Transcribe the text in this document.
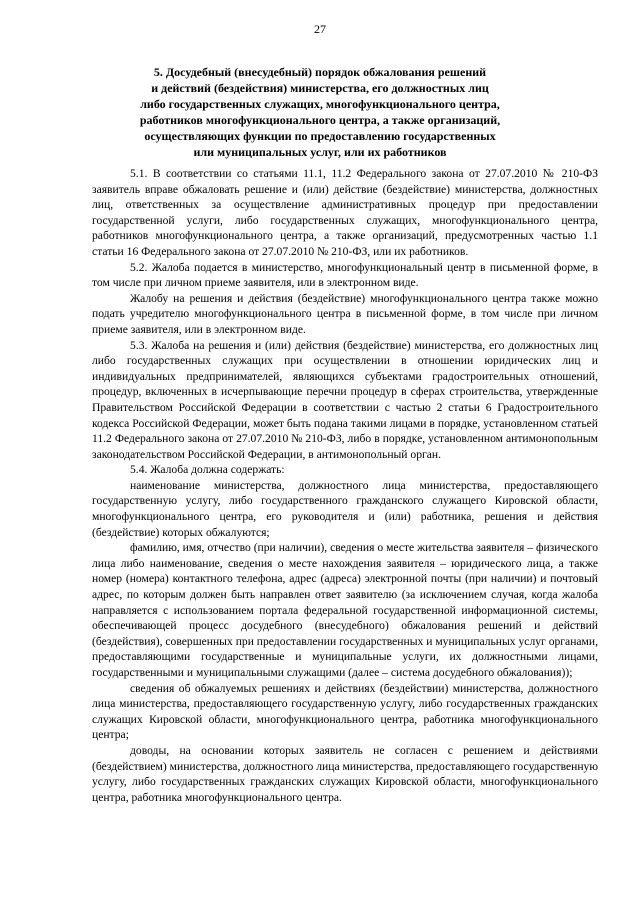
27
5. Досудебный (внесудебный) порядок обжалования решений
и действий (бездействия) министерства, его должностных лиц
либо государственных служащих, многофункционального центра,
работников многофункционального центра, а также организаций,
осуществляющих функции по предоставлению государственных
или муниципальных услуг, или их работников

5.1. В соответствии со статьями 11.1, 11.2 Федерального закона от 27.07.2010 № 210-ФЗ заявитель вправе обжаловать решение и (или) действие (бездействие) министерства, должностных лиц, ответственных за осуществление административных процедур при предоставлении государственной услуги, либо государственных служащих, многофункционального центра, работников многофункционального центра, а также организаций, предусмотренных частью 1.1 статьи 16 Федерального закона от 27.07.2010 № 210-ФЗ, или их работников.

5.2. Жалоба подается в министерство, многофункциональный центр в письменной форме, в том числе при личном приеме заявителя, или в электронном виде.

Жалобу на решения и действия (бездействие) многофункционального центра также можно подать учредителю многофункционального центра в письменной форме, в том числе при личном приеме заявителя, или в электронном виде.

5.3. Жалоба на решения и (или) действия (бездействие) министерства, его должностных лиц либо государственных служащих при осуществлении в отношении юридических лиц и индивидуальных предпринимателей, являющихся субъектами градостроительных отношений, процедур, включенных в исчерпывающие перечни процедур в сферах строительства, утвержденные Правительством Российской Федерации в соответствии с частью 2 статьи 6 Градостроительного кодекса Российской Федерации, может быть подана такими лицами в порядке, установленном статьей 11.2 Федерального закона от 27.07.2010 № 210-ФЗ, либо в порядке, установленном антимонопольным законодательством Российской Федерации, в антимонопольный орган.

5.4. Жалоба должна содержать:

наименование министерства, должностного лица министерства, предоставляющего государственную услугу, либо государственного гражданского служащего Кировской области, многофункционального центра, его руководителя и (или) работника, решения и действия (бездействие) которых обжалуются;

фамилию, имя, отчество (при наличии), сведения о месте жительства заявителя – физического лица либо наименование, сведения о месте нахождения заявителя – юридического лица, а также номер (номера) контактного телефона, адрес (адреса) электронной почты (при наличии) и почтовый адрес, по которым должен быть направлен ответ заявителю (за исключением случая, когда жалоба направляется с использованием портала федеральной государственной информационной системы, обеспечивающей процесс досудебного (внесудебного) обжалования решений и действий (бездействия), совершенных при предоставлении государственных и муниципальных услуг органами, предоставляющими государственные и муниципальные услуги, их должностными лицами, государственными и муниципальными служащими (далее – система досудебного обжалования));

сведения об обжалуемых решениях и действиях (бездействии) министерства, должностного лица министерства, предоставляющего государственную услугу, либо государственных гражданских служащих Кировской области, многофункционального центра, работника многофункционального центра;

доводы, на основании которых заявитель не согласен с решением и действиями (бездействием) министерства, должностного лица министерства, предоставляющего государственную услугу, либо государственных гражданских служащих Кировской области, многофункционального центра, работника многофункционального центра.
